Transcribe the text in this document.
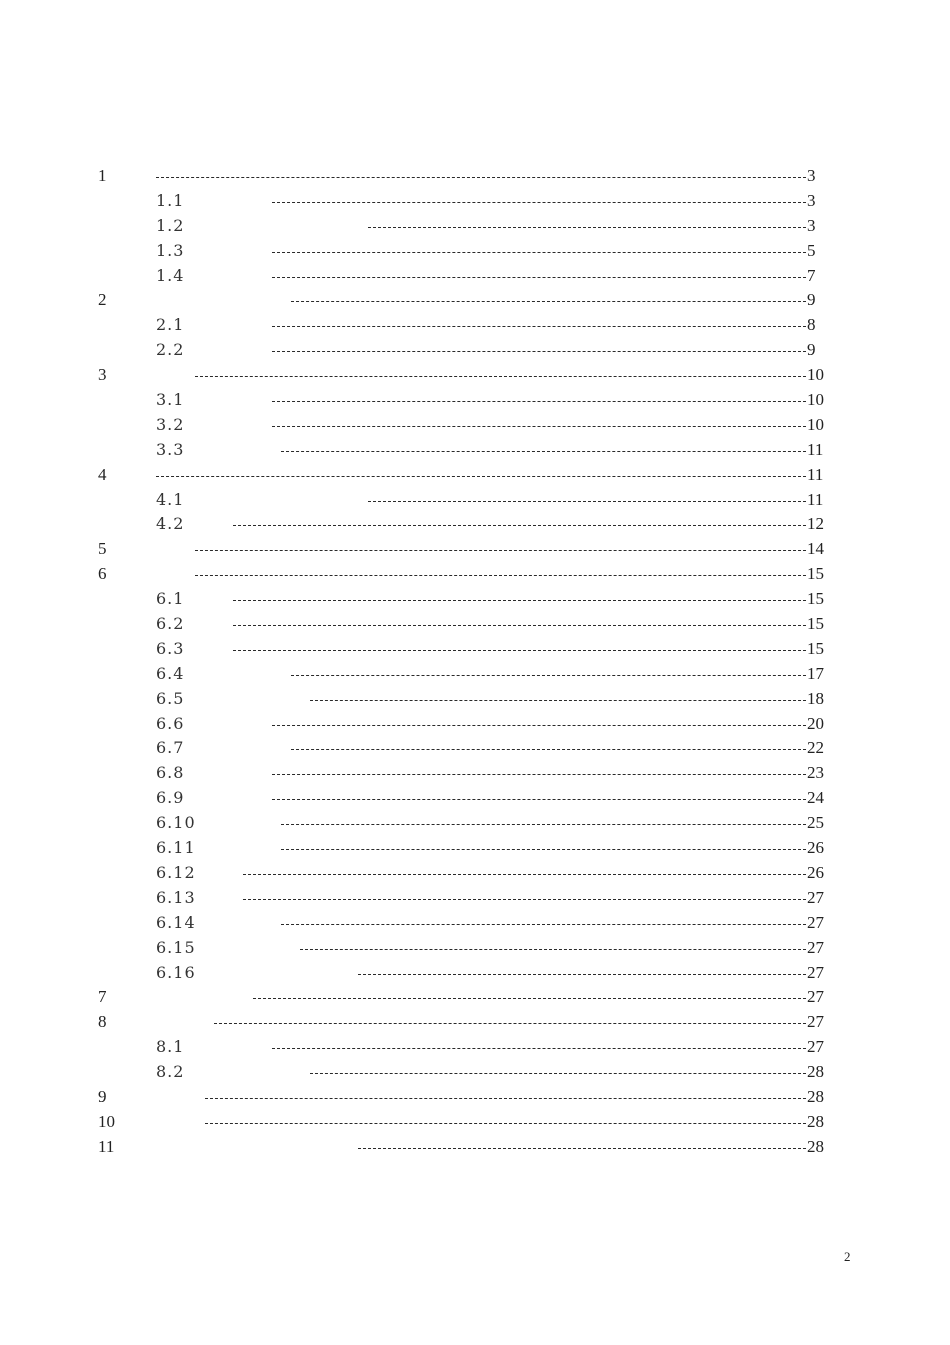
1	3
1.1	3
1.2	3
1.3	5
1.4	7
2	9
2.1	8
2.2	9
3	10
3.1	10
3.2	10
3.3	11
4	11
4.1	11
4.2	12
5	14
6	15
6.1	15
6.2	15
6.3	15
6.4	17
6.5	18
6.6	20
6.7	22
6.8	23
6.9	24
6.10	25
6.11	26
6.12	26
6.13	27
6.14	27
6.15	27
6.16	27
7	27
8	27
8.1	27
8.2	28
9	28
10	28
11	28
2
